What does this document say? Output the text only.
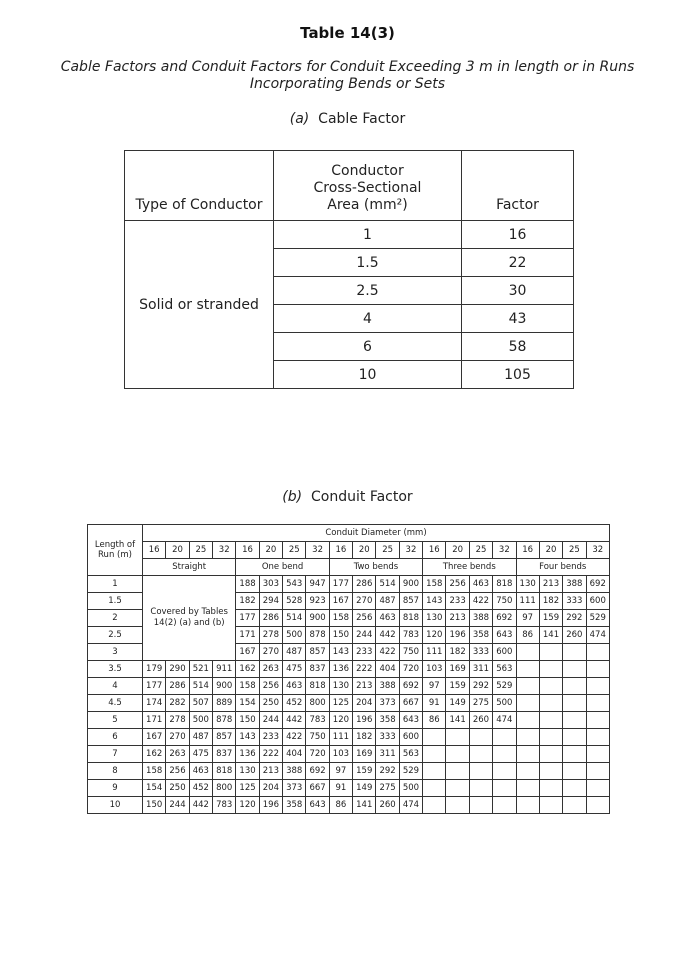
Table 14(3)
Cable Factors and Conduit Factors for Conduit Exceeding 3 m in length or in Runs Incorporating Bends or Sets
(a) Cable Factor
Type of Conductor	Conductor
Cross-Sectional
Area (mm²)	Factor
Solid or stranded	1	16
	1.5	22
	2.5	30
	4	43
	6	58
	10	105
(b) Conduit Factor
Length of
Run (m)	Conduit Diameter (mm)																			
	16	20	25	32	16	20	25	32	16	20	25	32	16	20	25	32	16	20	25	32
	Straight				One bend				Two bends				Three bends				Four bends			
1	Covered by Tables
14(2) (a) and (b)				188	303	543	947	177	286	514	900	158	256	463	818	130	213	388	692
1.5					182	294	528	923	167	270	487	857	143	233	422	750	111	182	333	600
2					177	286	514	900	158	256	463	818	130	213	388	692	97	159	292	529
2.5					171	278	500	878	150	244	442	783	120	196	358	643	86	141	260	474
3					167	270	487	857	143	233	422	750	111	182	333	600				
3.5	179	290	521	911	162	263	475	837	136	222	404	720	103	169	311	563				
4	177	286	514	900	158	256	463	818	130	213	388	692	97	159	292	529				
4.5	174	282	507	889	154	250	452	800	125	204	373	667	91	149	275	500				
5	171	278	500	878	150	244	442	783	120	196	358	643	86	141	260	474				
6	167	270	487	857	143	233	422	750	111	182	333	600								
7	162	263	475	837	136	222	404	720	103	169	311	563								
8	158	256	463	818	130	213	388	692	97	159	292	529								
9	154	250	452	800	125	204	373	667	91	149	275	500								
10	150	244	442	783	120	196	358	643	86	141	260	474								
